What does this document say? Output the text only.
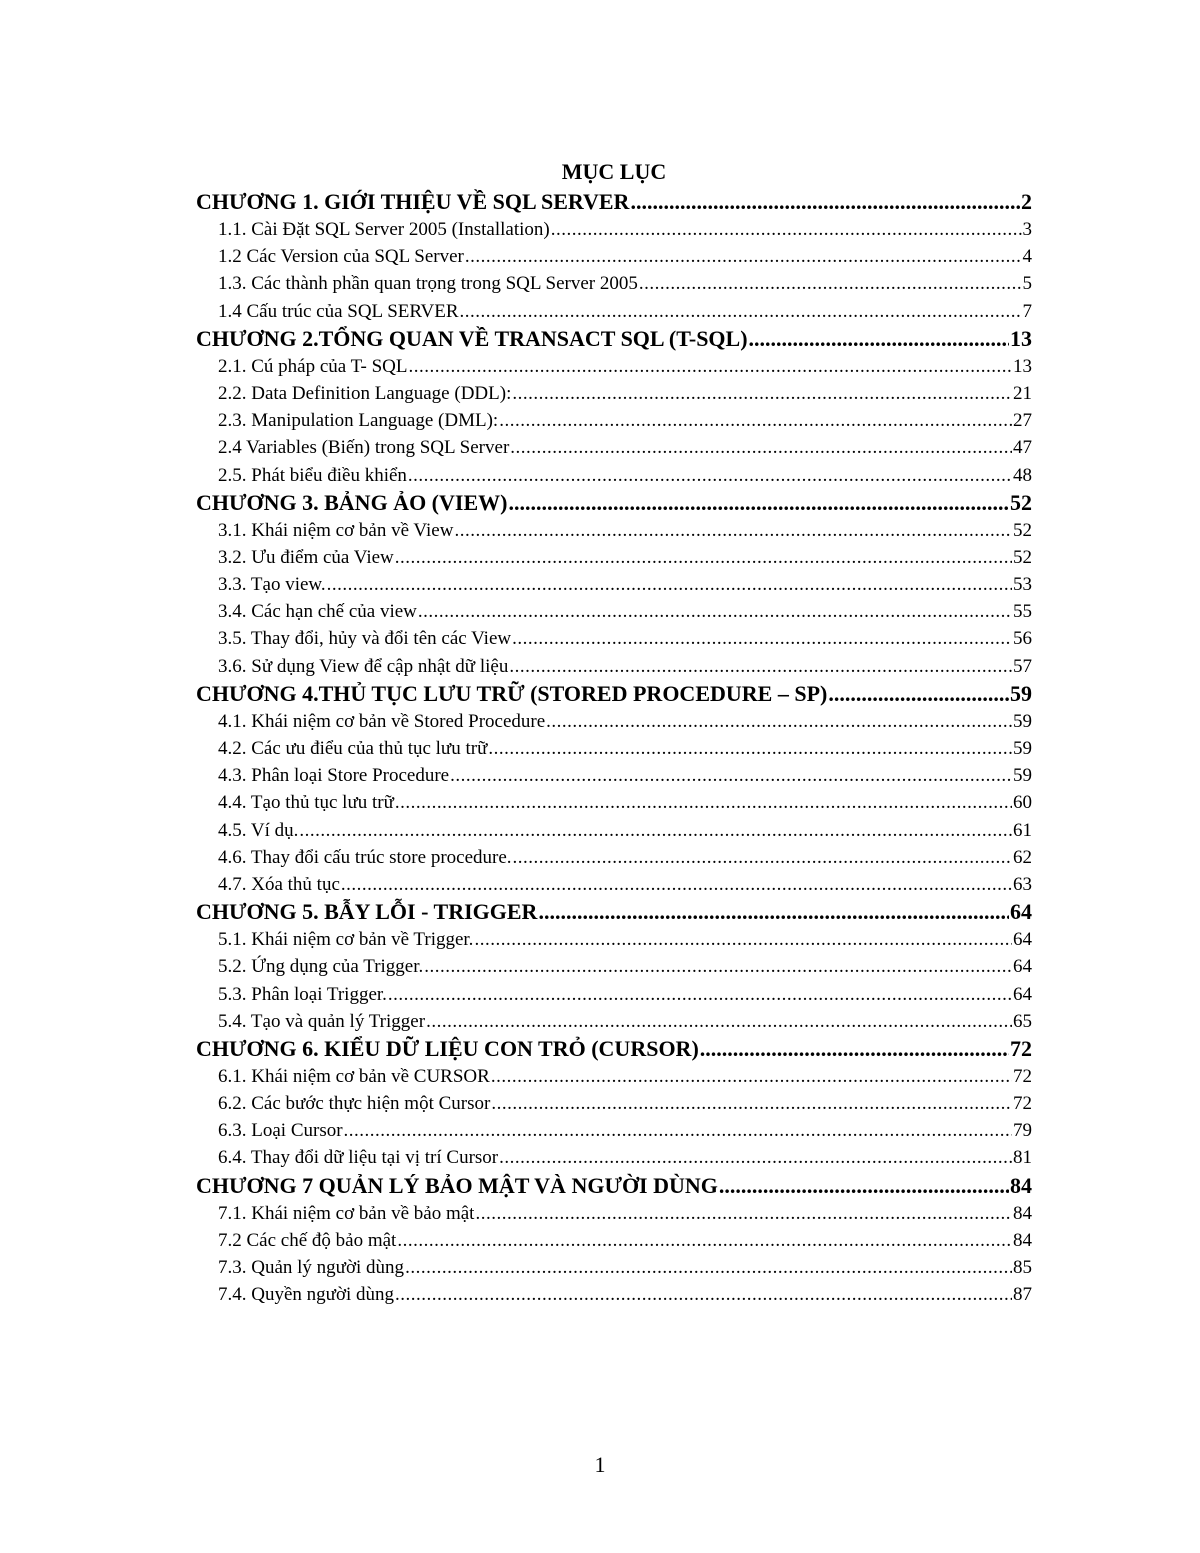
MỤC LỤC
CHƯƠNG 1. GIỚI THIỆU VỀ SQL SERVER .....	2
1.1. Cài Đặt SQL Server 2005 (Installation) .....	3
1.2 Các Version của SQL Server .....	4
1.3. Các thành phần quan trọng trong SQL Server 2005 .....	5
1.4 Cấu trúc của SQL SERVER .....	7
CHƯƠNG 2.TỔNG QUAN VỀ TRANSACT SQL (T-SQL) .....	13
2.1. Cú pháp của T- SQL .....	13
2.2. Data Definition Language (DDL): .....	21
2.3. Manipulation Language (DML): .....	27
2.4 Variables (Biến) trong SQL Server .....	47
2.5. Phát biểu điều khiển .....	48
CHƯƠNG 3. BẢNG ẢO (VIEW) .....	52
3.1. Khái niệm cơ bản về View .....	52
3.2. Ưu điểm của View .....	52
3.3. Tạo view. .....	53
3.4. Các hạn chế của view .....	55
3.5. Thay đổi, hủy và đổi tên các View .....	56
3.6. Sử dụng View để cập nhật dữ liệu .....	57
CHƯƠNG 4.THỦ TỤC LƯU TRỮ (STORED PROCEDURE – SP) .....	59
4.1. Khái niệm cơ bản về Stored Procedure .....	59
4.2. Các ưu điểu của thủ tục lưu trữ .....	59
4.3. Phân loại Store Procedure .....	59
4.4. Tạo thủ tục lưu trữ .....	60
4.5. Ví dụ. .....	61
4.6. Thay đổi cấu trúc store procedure. .....	62
4.7. Xóa thủ tục .....	63
CHƯƠNG 5. BẪY LỖI - TRIGGER .....	64
5.1. Khái niệm cơ bản về Trigger. .....	64
5.2. Ứng dụng của Trigger. .....	64
5.3. Phân loại Trigger. .....	64
5.4. Tạo và quản lý Trigger .....	65
CHƯƠNG 6. KIỂU DỮ LIỆU CON TRỎ (CURSOR) .....	72
6.1. Khái niệm cơ bản về CURSOR .....	72
6.2. Các bước thực hiện một Cursor .....	72
6.3. Loại Cursor .....	79
6.4. Thay đổi dữ liệu tại vị trí Cursor .....	81
CHƯƠNG 7 QUẢN LÝ BẢO MẬT VÀ NGƯỜI DÙNG .....	84
7.1. Khái niệm cơ bản về bảo mật .....	84
7.2 Các chế độ bảo mật .....	84
7.3. Quản lý người dùng .....	85
7.4. Quyền người dùng .....	87
1
